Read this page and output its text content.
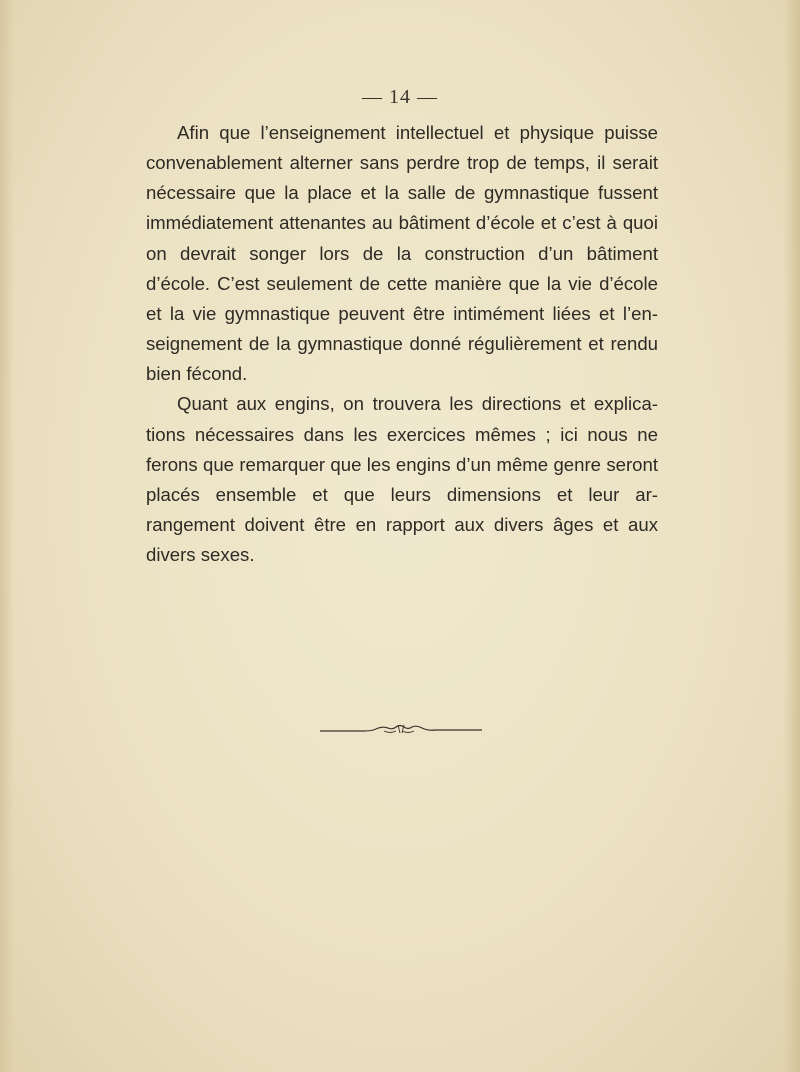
— 14 —

Afin que l’enseignement intellectuel et physique puisse convenablement alterner sans perdre trop de temps, il serait nécessaire que la place et la salle de gymnastique fussent immédiatement attenantes au bâtiment d’école et c’est à quoi on devrait songer lors de la construction d’un bâtiment d’école. C’est seulement de cette manière que la vie d’école et la vie gymnastique peuvent être intimément liées et l’en-seignement de la gymnastique donné régulièrement et rendu bien fécond.

Quant aux engins, on trouvera les directions et explica-tions nécessaires dans les exercices mêmes ; ici nous ne ferons que remarquer que les engins d’un même genre seront placés ensemble et que leurs dimensions et leur ar-rangement doivent être en rapport aux divers âges et aux divers sexes.
